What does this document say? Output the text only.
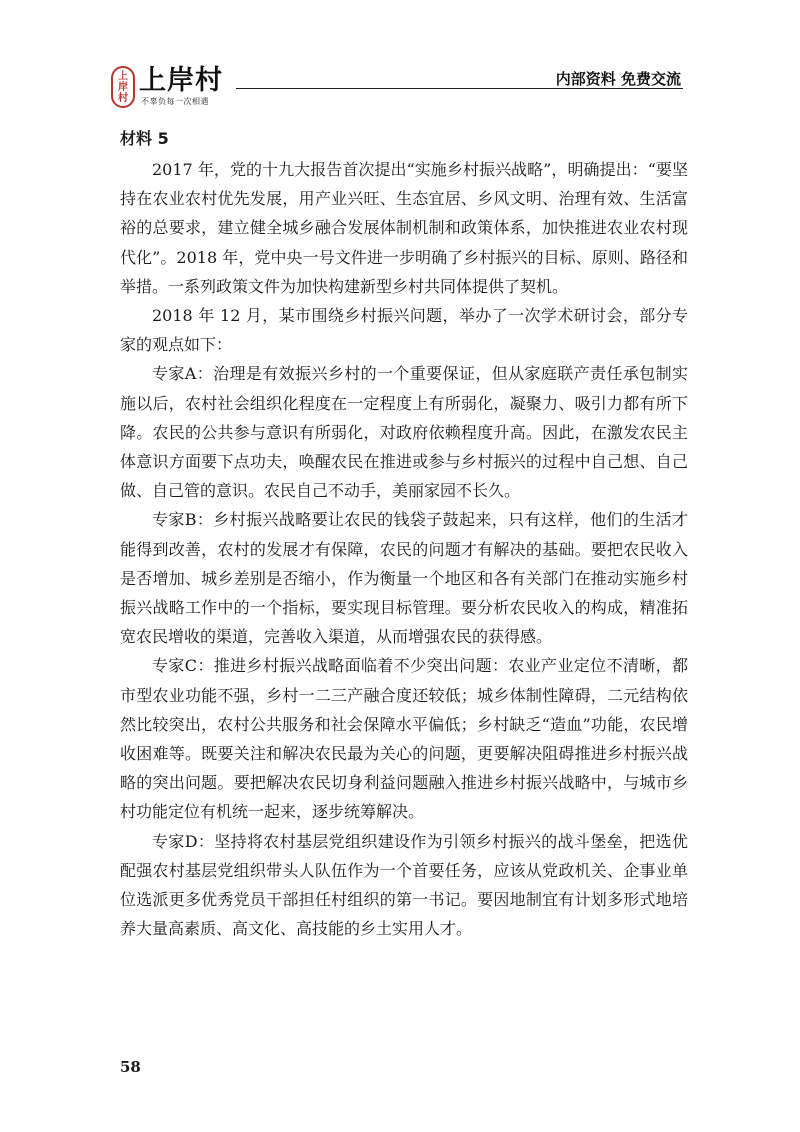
上
岸
村
上岸村
不辜负每一次相遇
内部资料 免费交流
材料 5

2017 年，党的十九大报告首次提出“实施乡村振兴战略”，明确提出：“要坚持在农业农村优先发展，用产业兴旺、生态宜居、乡风文明、治理有效、生活富裕的总要求，建立健全城乡融合发展体制机制和政策体系，加快推进农业农村现代化”。2018 年，党中央一号文件进一步明确了乡村振兴的目标、原则、路径和举措。一系列政策文件为加快构建新型乡村共同体提供了契机。

2018 年 12 月，某市围绕乡村振兴问题，举办了一次学术研讨会，部分专家的观点如下：

专家A：治理是有效振兴乡村的一个重要保证，但从家庭联产责任承包制实施以后，农村社会组织化程度在一定程度上有所弱化，凝聚力、吸引力都有所下降。农民的公共参与意识有所弱化，对政府依赖程度升高。因此，在激发农民主体意识方面要下点功夫，唤醒农民在推进或参与乡村振兴的过程中自己想、自己做、自己管的意识。农民自己不动手，美丽家园不长久。

专家B：乡村振兴战略要让农民的钱袋子鼓起来，只有这样，他们的生活才能得到改善，农村的发展才有保障，农民的问题才有解决的基础。要把农民收入是否增加、城乡差别是否缩小，作为衡量一个地区和各有关部门在推动实施乡村振兴战略工作中的一个指标，要实现目标管理。要分析农民收入的构成，精准拓宽农民增收的渠道，完善收入渠道，从而增强农民的获得感。

专家C：推进乡村振兴战略面临着不少突出问题：农业产业定位不清晰，都市型农业功能不强，乡村一二三产融合度还较低；城乡体制性障碍，二元结构依然比较突出，农村公共服务和社会保障水平偏低；乡村缺乏“造血”功能，农民增收困难等。既要关注和解决农民最为关心的问题，更要解决阻碍推进乡村振兴战略的突出问题。要把解决农民切身利益问题融入推进乡村振兴战略中，与城市乡村功能定位有机统一起来，逐步统筹解决。

专家D：坚持将农村基层党组织建设作为引领乡村振兴的战斗堡垒，把选优配强农村基层党组织带头人队伍作为一个首要任务，应该从党政机关、企事业单位选派更多优秀党员干部担任村组织的第一书记。要因地制宜有计划多形式地培养大量高素质、高文化、高技能的乡土实用人才。

58
